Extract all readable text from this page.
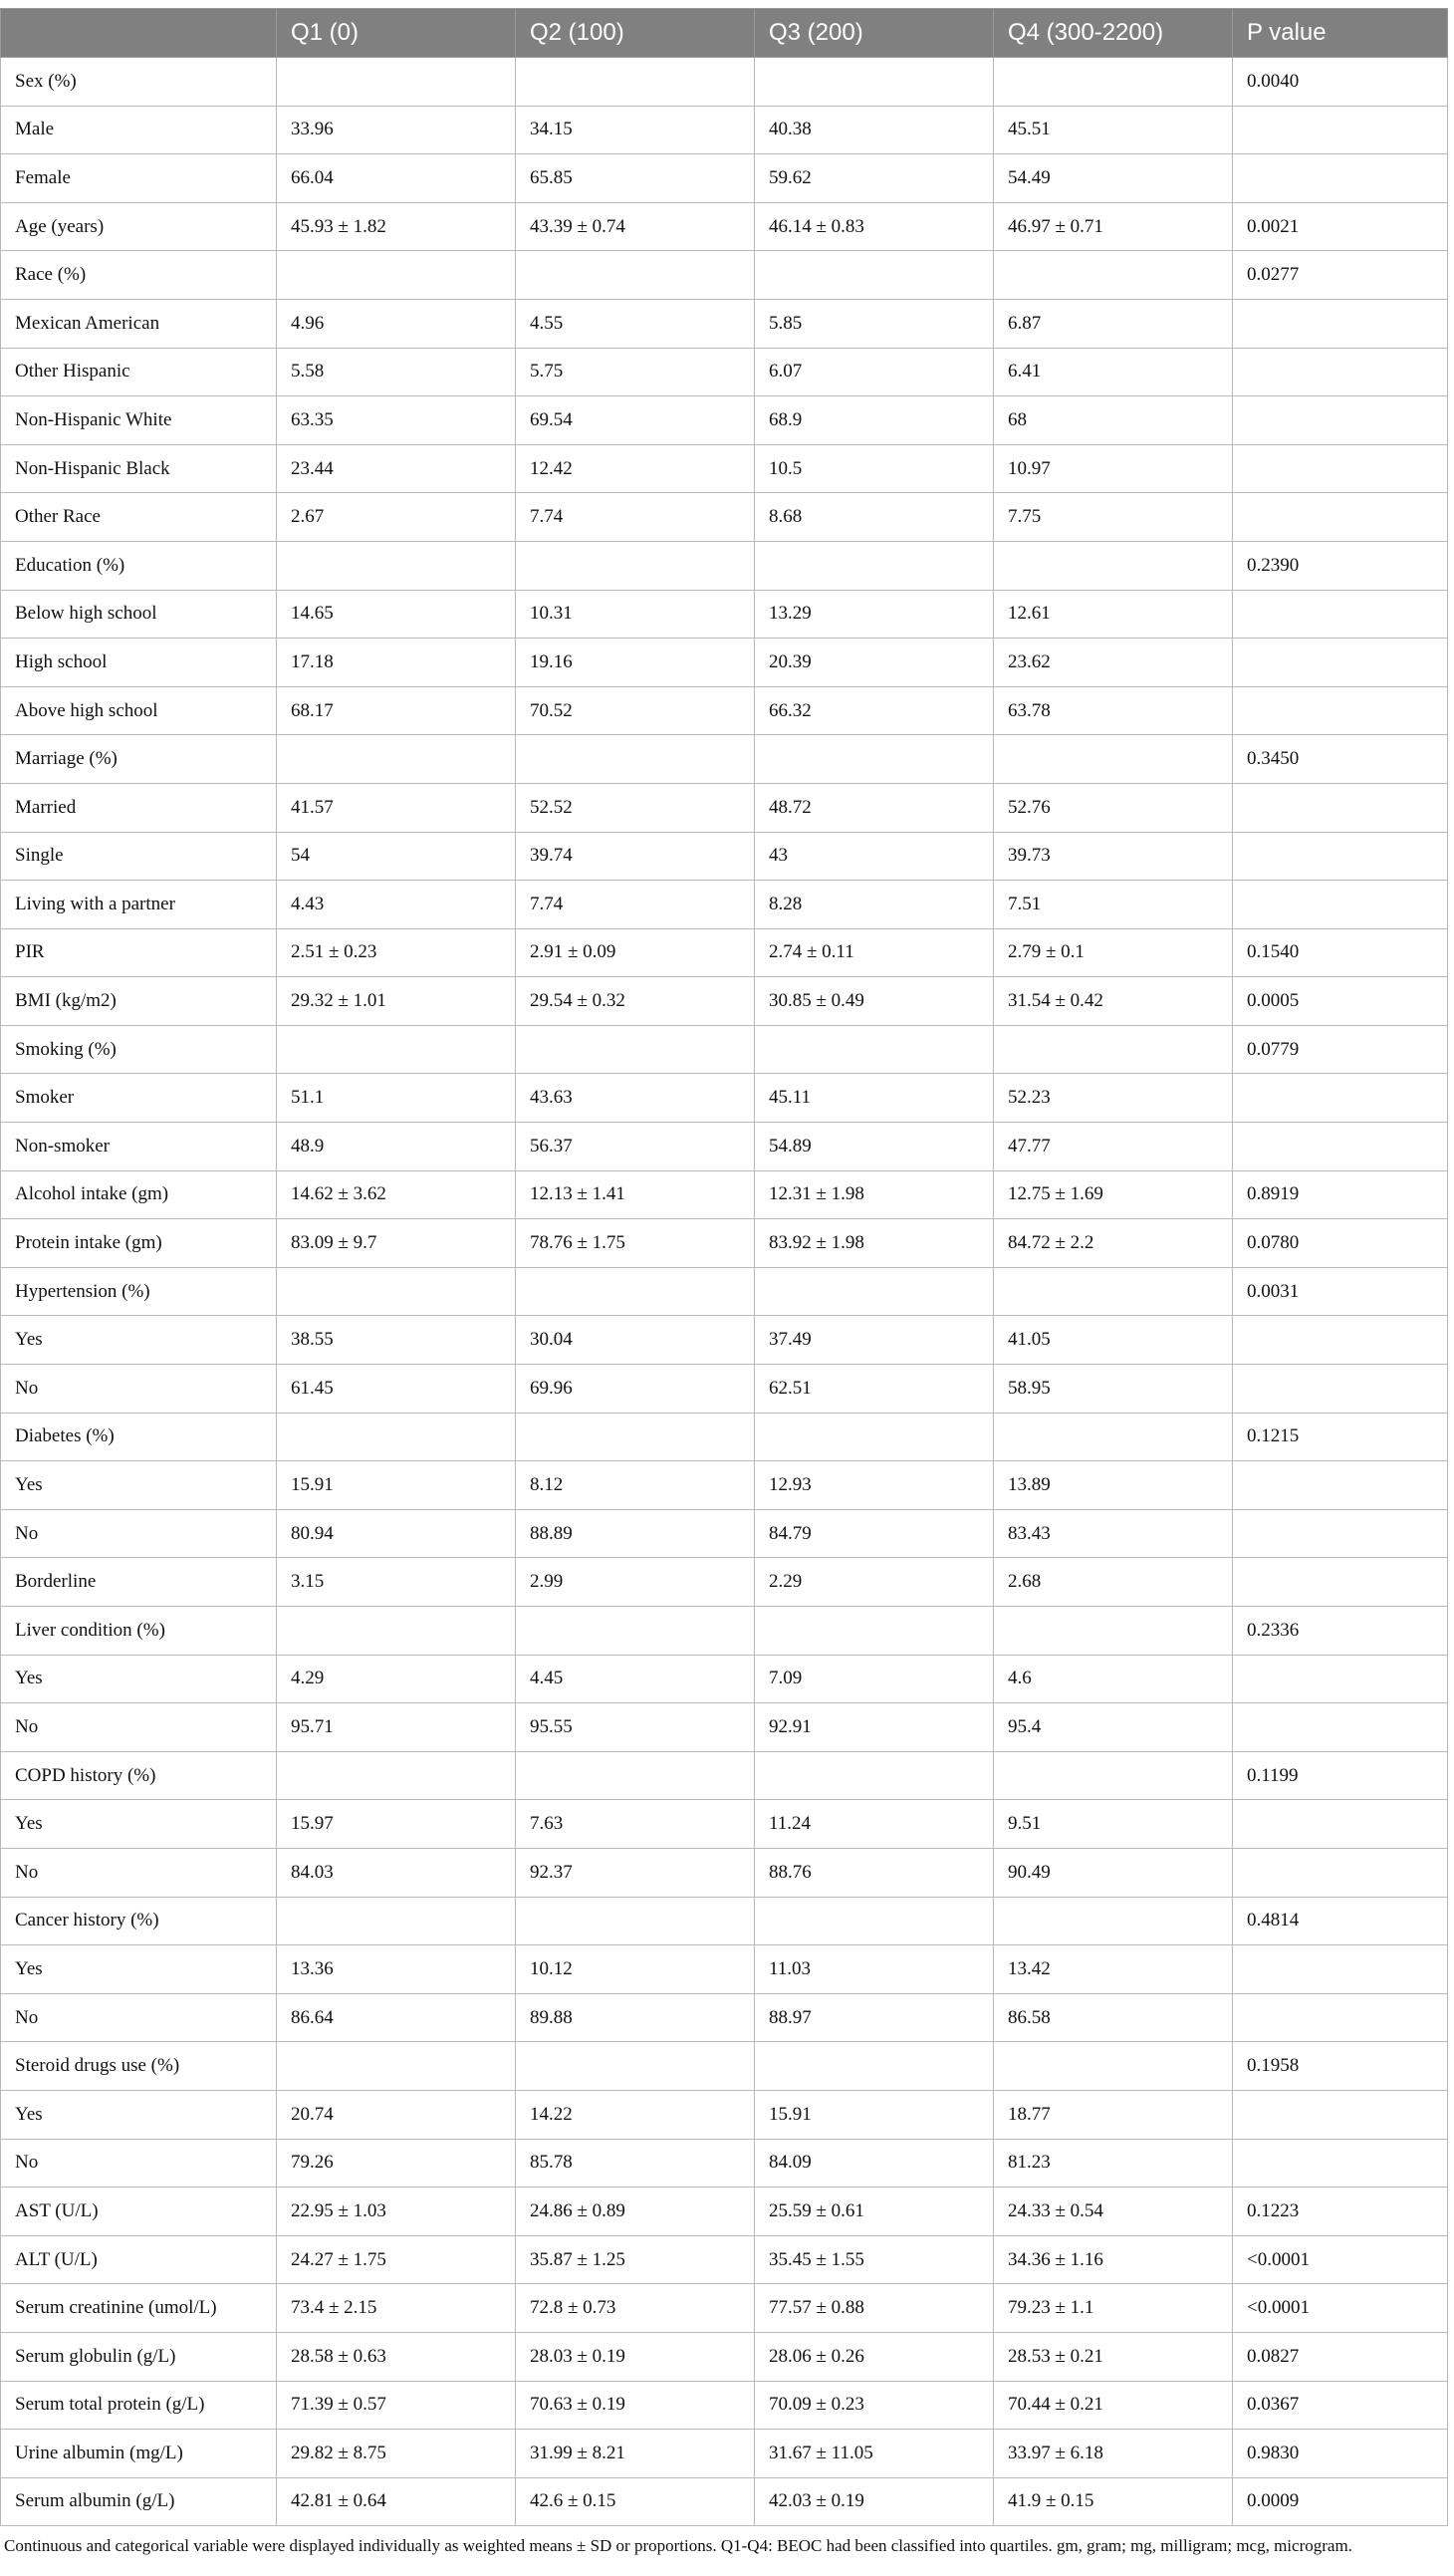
	Q1 (0)	Q2 (100)	Q3 (200)	Q4 (300-2200)	P value
Sex (%)					0.0040
Male	33.96	34.15	40.38	45.51	
Female	66.04	65.85	59.62	54.49	
Age (years)	45.93 ± 1.82	43.39 ± 0.74	46.14 ± 0.83	46.97 ± 0.71	0.0021
Race (%)					0.0277
Mexican American	4.96	4.55	5.85	6.87	
Other Hispanic	5.58	5.75	6.07	6.41	
Non-Hispanic White	63.35	69.54	68.9	68	
Non-Hispanic Black	23.44	12.42	10.5	10.97	
Other Race	2.67	7.74	8.68	7.75	
Education (%)					0.2390
Below high school	14.65	10.31	13.29	12.61	
High school	17.18	19.16	20.39	23.62	
Above high school	68.17	70.52	66.32	63.78	
Marriage (%)					0.3450
Married	41.57	52.52	48.72	52.76	
Single	54	39.74	43	39.73	
Living with a partner	4.43	7.74	8.28	7.51	
PIR	2.51 ± 0.23	2.91 ± 0.09	2.74 ± 0.11	2.79 ± 0.1	0.1540
BMI (kg/m2)	29.32 ± 1.01	29.54 ± 0.32	30.85 ± 0.49	31.54 ± 0.42	0.0005
Smoking (%)					0.0779
Smoker	51.1	43.63	45.11	52.23	
Non-smoker	48.9	56.37	54.89	47.77	
Alcohol intake (gm)	14.62 ± 3.62	12.13 ± 1.41	12.31 ± 1.98	12.75 ± 1.69	0.8919
Protein intake (gm)	83.09 ± 9.7	78.76 ± 1.75	83.92 ± 1.98	84.72 ± 2.2	0.0780
Hypertension (%)					0.0031
Yes	38.55	30.04	37.49	41.05	
No	61.45	69.96	62.51	58.95	
Diabetes (%)					0.1215
Yes	15.91	8.12	12.93	13.89	
No	80.94	88.89	84.79	83.43	
Borderline	3.15	2.99	2.29	2.68	
Liver condition (%)					0.2336
Yes	4.29	4.45	7.09	4.6	
No	95.71	95.55	92.91	95.4	
COPD history (%)					0.1199
Yes	15.97	7.63	11.24	9.51	
No	84.03	92.37	88.76	90.49	
Cancer history (%)					0.4814
Yes	13.36	10.12	11.03	13.42	
No	86.64	89.88	88.97	86.58	
Steroid drugs use (%)					0.1958
Yes	20.74	14.22	15.91	18.77	
No	79.26	85.78	84.09	81.23	
AST (U/L)	22.95 ± 1.03	24.86 ± 0.89	25.59 ± 0.61	24.33 ± 0.54	0.1223
ALT (U/L)	24.27 ± 1.75	35.87 ± 1.25	35.45 ± 1.55	34.36 ± 1.16	<0.0001
Serum creatinine (umol/L)	73.4 ± 2.15	72.8 ± 0.73	77.57 ± 0.88	79.23 ± 1.1	<0.0001
Serum globulin (g/L)	28.58 ± 0.63	28.03 ± 0.19	28.06 ± 0.26	28.53 ± 0.21	0.0827
Serum total protein (g/L)	71.39 ± 0.57	70.63 ± 0.19	70.09 ± 0.23	70.44 ± 0.21	0.0367
Urine albumin (mg/L)	29.82 ± 8.75	31.99 ± 8.21	31.67 ± 11.05	33.97 ± 6.18	0.9830
Serum albumin (g/L)	42.81 ± 0.64	42.6 ± 0.15	42.03 ± 0.19	41.9 ± 0.15	0.0009
Continuous and categorical variable were displayed individually as weighted means ± SD or proportions. Q1-Q4: BEOC had been classified into quartiles. gm, gram; mg, milligram; mcg, microgram.
